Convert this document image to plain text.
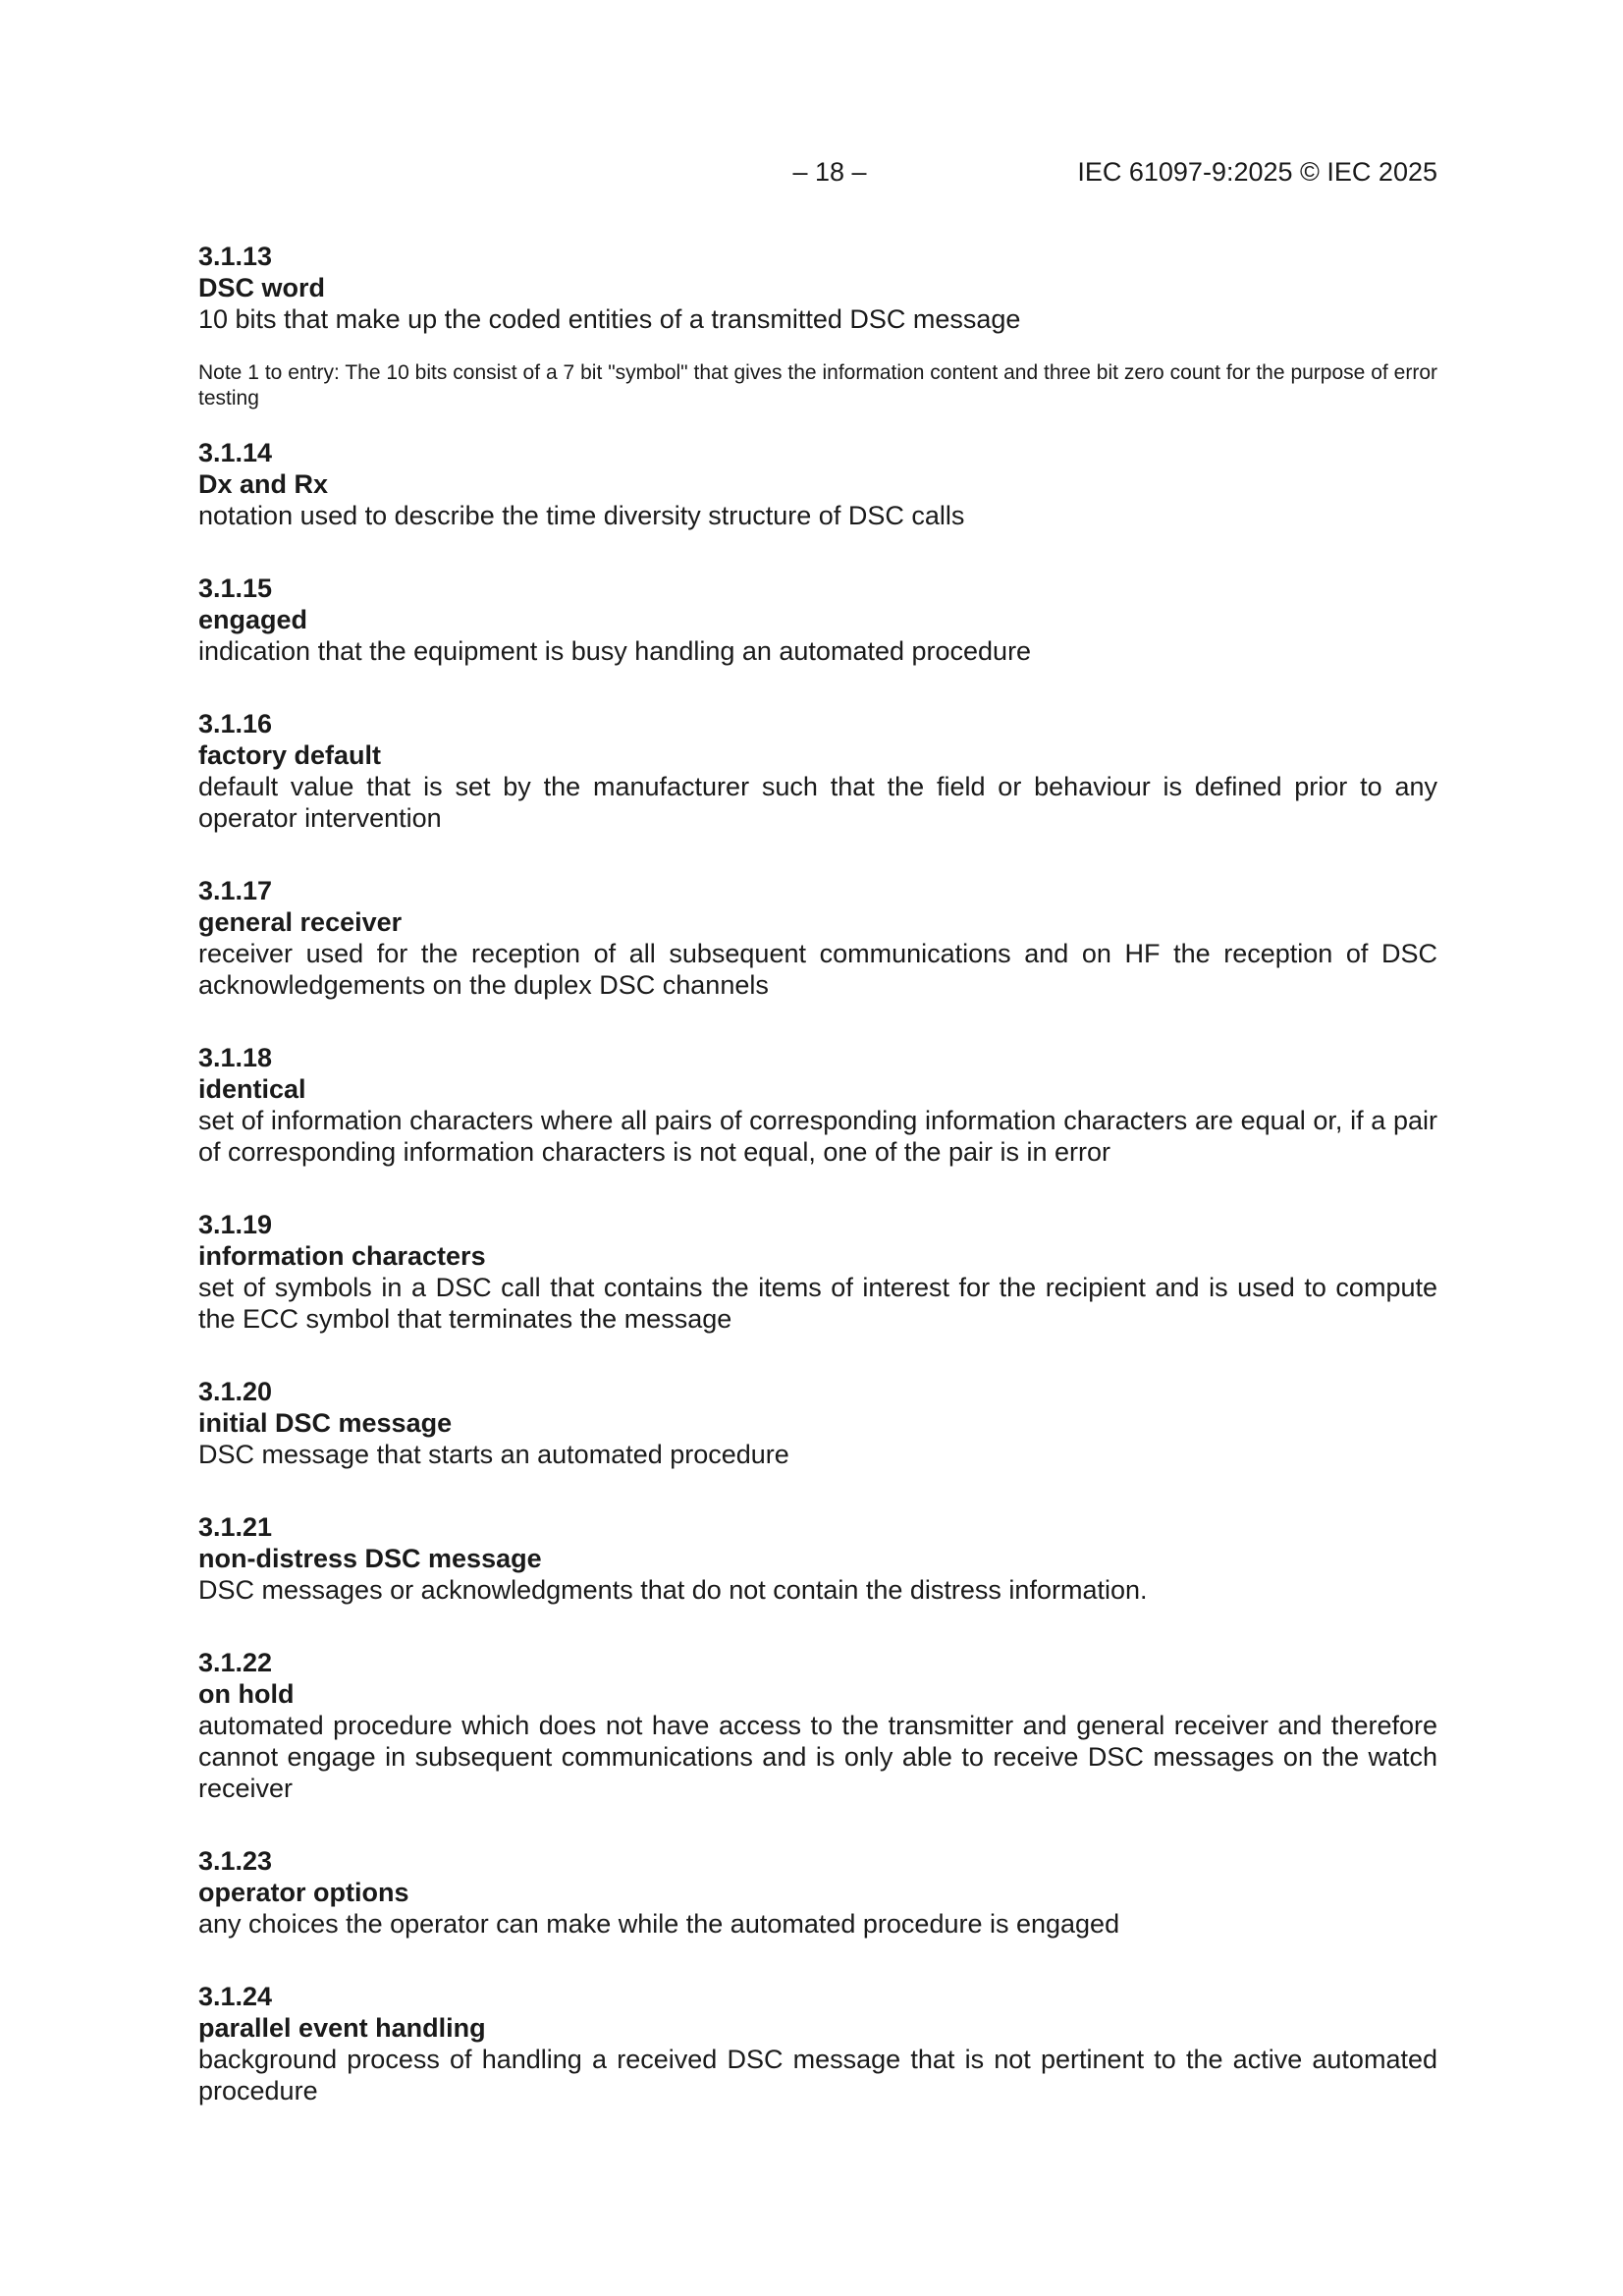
– 18 –	IEC 61097-9:2025 © IEC 2025
3.1.13
DSC word
10 bits that make up the coded entities of a transmitted DSC message
Note 1 to entry: The 10 bits consist of a 7 bit "symbol" that gives the information content and three bit zero count for the purpose of error testing
3.1.14
Dx and Rx
notation used to describe the time diversity structure of DSC calls
3.1.15
engaged
indication that the equipment is busy handling an automated procedure
3.1.16
factory default
default value that is set by the manufacturer such that the field or behaviour is defined prior to any operator intervention
3.1.17
general receiver
receiver used for the reception of all subsequent communications and on HF the reception of DSC acknowledgements on the duplex DSC channels
3.1.18
identical
set of information characters where all pairs of corresponding information characters are equal or, if a pair of corresponding information characters is not equal, one of the pair is in error
3.1.19
information characters
set of symbols in a DSC call that contains the items of interest for the recipient and is used to compute the ECC symbol that terminates the message
3.1.20
initial DSC message
DSC message that starts an automated procedure
3.1.21
non-distress DSC message
DSC messages or acknowledgments that do not contain the distress information.
3.1.22
on hold
automated procedure which does not have access to the transmitter and general receiver and therefore cannot engage in subsequent communications and is only able to receive DSC messages on the watch receiver
3.1.23
operator options
any choices the operator can make while the automated procedure is engaged
3.1.24
parallel event handling
background process of handling a received DSC message that is not pertinent to the active automated procedure
